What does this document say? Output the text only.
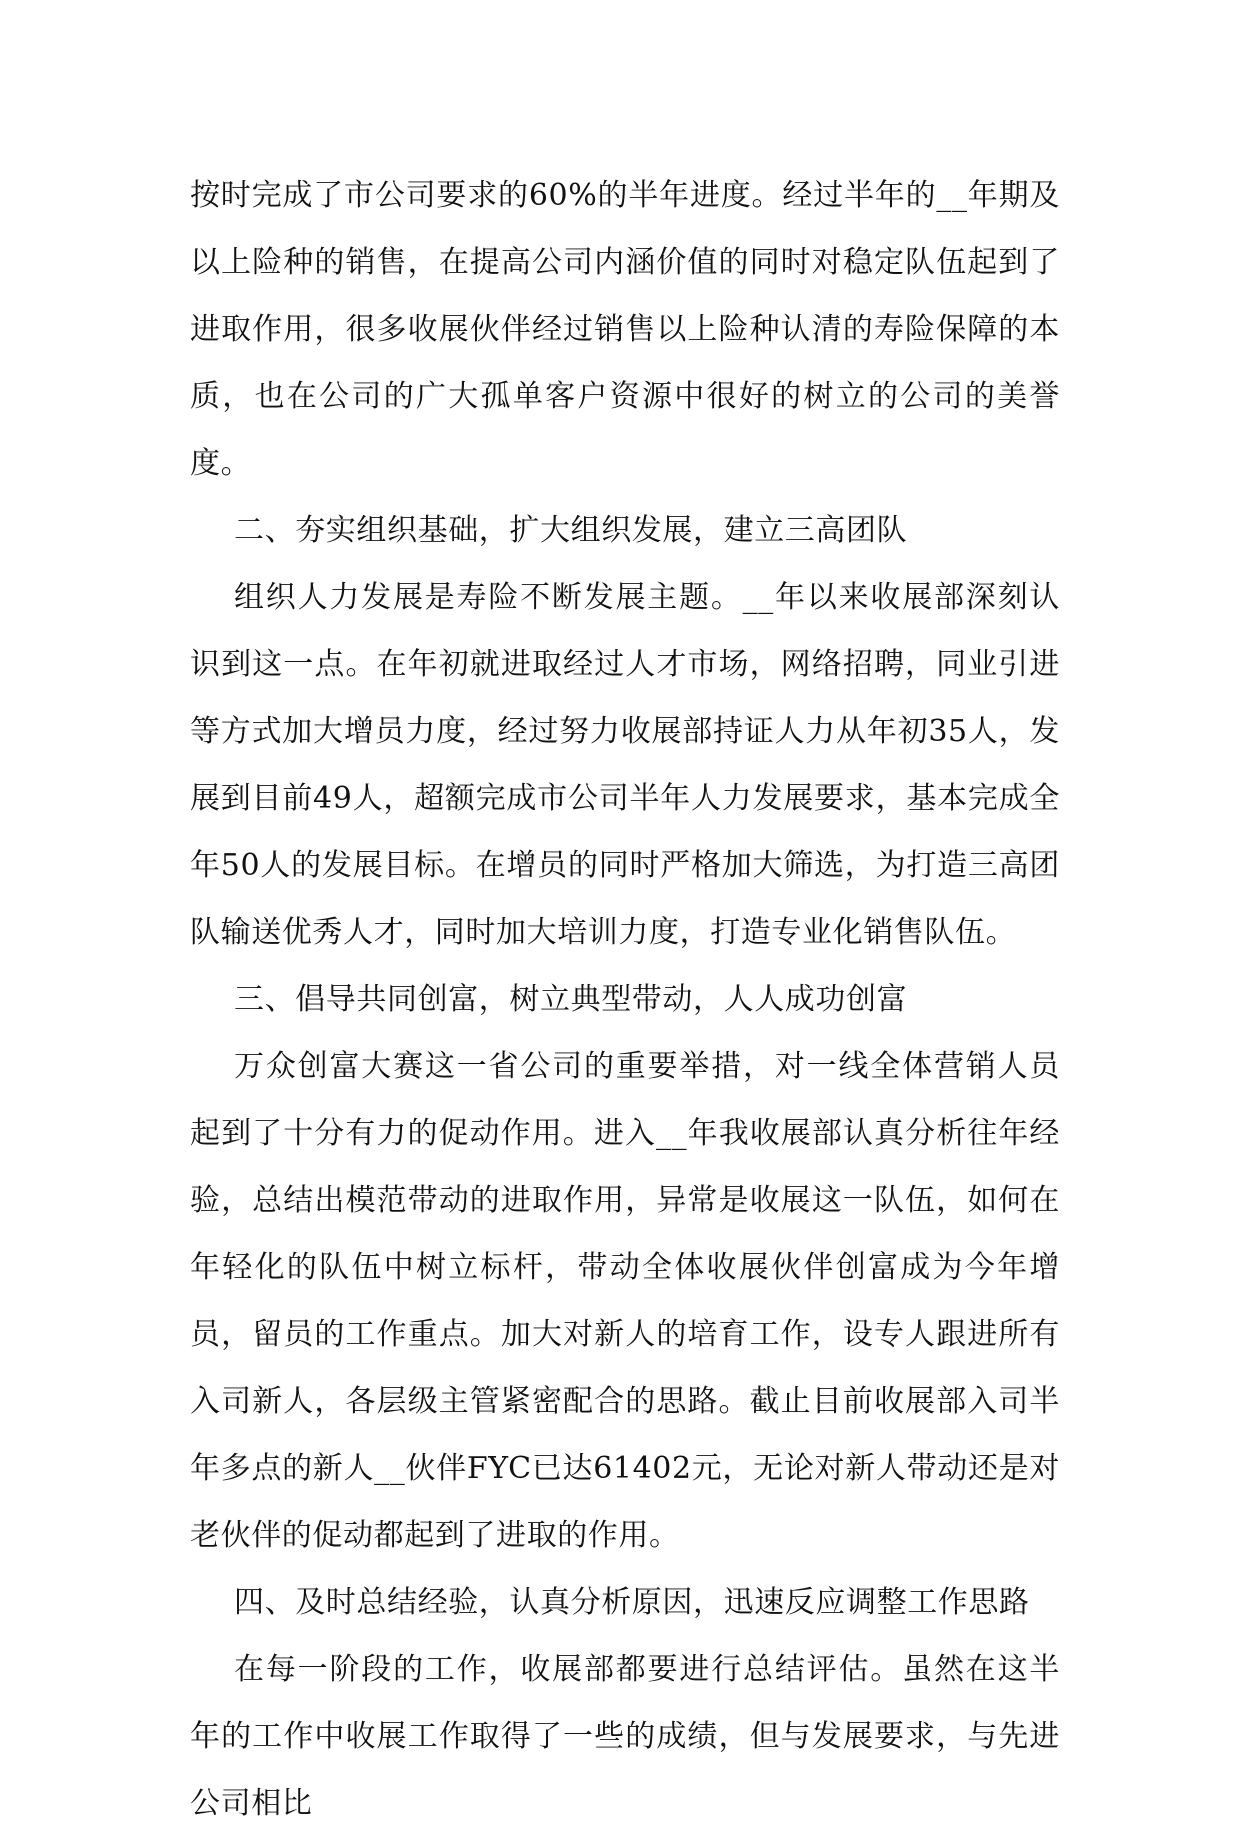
按时完成了市公司要求的60%的半年进度。经过半年的__年期及以上险种的销售，在提高公司内涵价值的同时对稳定队伍起到了进取作用，很多收展伙伴经过销售以上险种认清的寿险保障的本质，也在公司的广大孤单客户资源中很好的树立的公司的美誉度。

二、夯实组织基础，扩大组织发展，建立三高团队

组织人力发展是寿险不断发展主题。__年以来收展部深刻认识到这一点。在年初就进取经过人才市场，网络招聘，同业引进等方式加大增员力度，经过努力收展部持证人力从年初35人，发展到目前49人，超额完成市公司半年人力发展要求，基本完成全年50人的发展目标。在增员的同时严格加大筛选，为打造三高团队输送优秀人才，同时加大培训力度，打造专业化销售队伍。

三、倡导共同创富，树立典型带动，人人成功创富

万众创富大赛这一省公司的重要举措，对一线全体营销人员起到了十分有力的促动作用。进入__年我收展部认真分析往年经验，总结出模范带动的进取作用，异常是收展这一队伍，如何在年轻化的队伍中树立标杆，带动全体收展伙伴创富成为今年增员，留员的工作重点。加大对新人的培育工作，设专人跟进所有入司新人，各层级主管紧密配合的思路。截止目前收展部入司半年多点的新人__伙伴FYC已达61402元，无论对新人带动还是对老伙伴的促动都起到了进取的作用。

四、及时总结经验，认真分析原因，迅速反应调整工作思路

在每一阶段的工作，收展部都要进行总结评估。虽然在这半年的工作中收展工作取得了一些的成绩，但与发展要求，与先进公司相比
